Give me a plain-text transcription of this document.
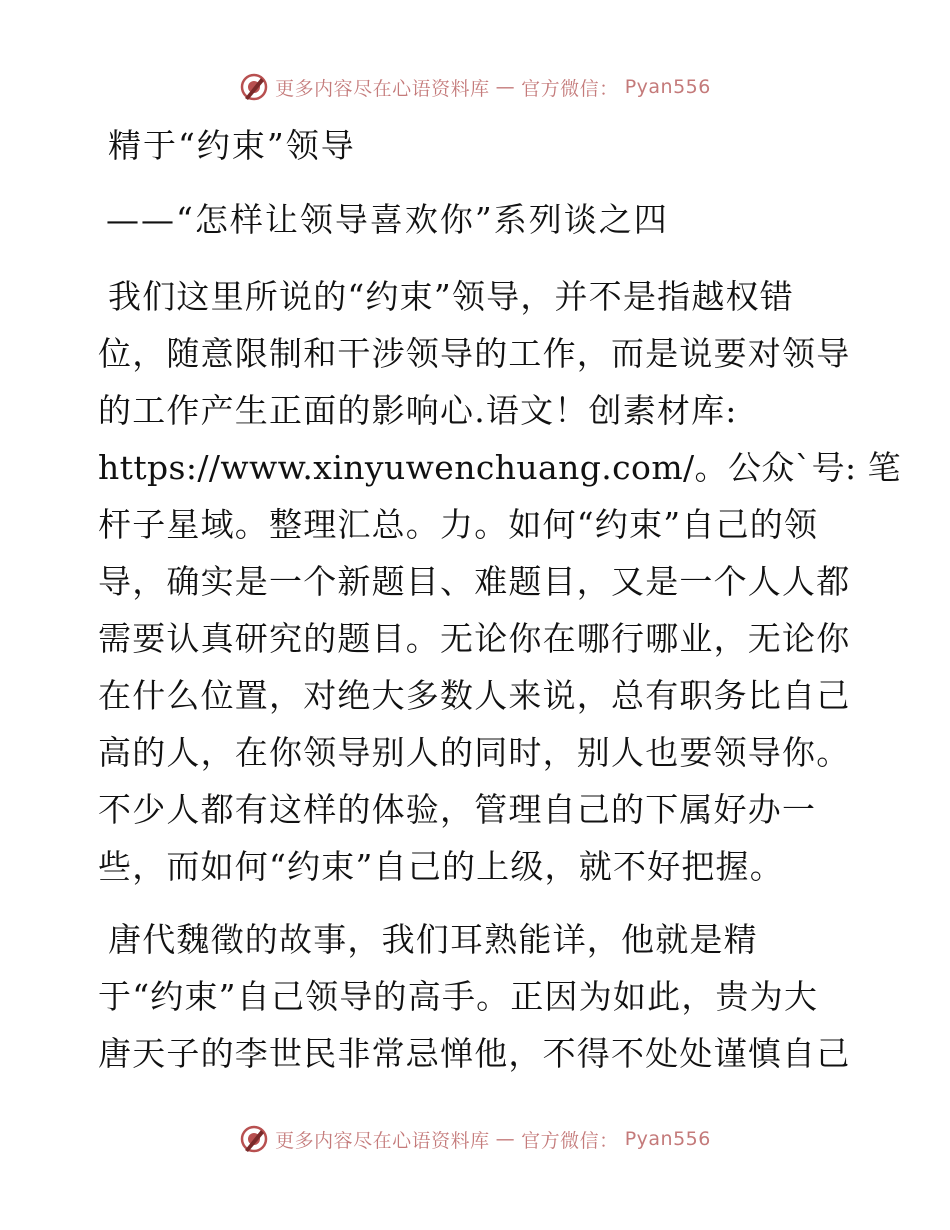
更多内容尽在心语资料库 — 官方微信： Pyan556

精于“约束”领导

——“怎样让领导喜欢你”系列谈之四

我们这里所说的“约束”领导，并不是指越权错
位，随意限制和干涉领导的工作，而是说要对领导
的工作产生正面的影响心.语文！创素材库:
https://www.xinyuwenchuang.com/。公众`号: 笔
杆子星域。整理汇总。力。如何“约束”自己的领
导，确实是一个新题目、难题目，又是一个人人都
需要认真研究的题目。无论你在哪行哪业，无论你
在什么位置，对绝大多数人来说，总有职务比自己
高的人，在你领导别人的同时，别人也要领导你。
不少人都有这样的体验，管理自己的下属好办一
些，而如何“约束”自己的上级，就不好把握。

唐代魏徵的故事，我们耳熟能详，他就是精
于“约束”自己领导的高手。正因为如此，贵为大
唐天子的李世民非常忌惮他，不得不处处谨慎自己

更多内容尽在心语资料库 — 官方微信： Pyan556
